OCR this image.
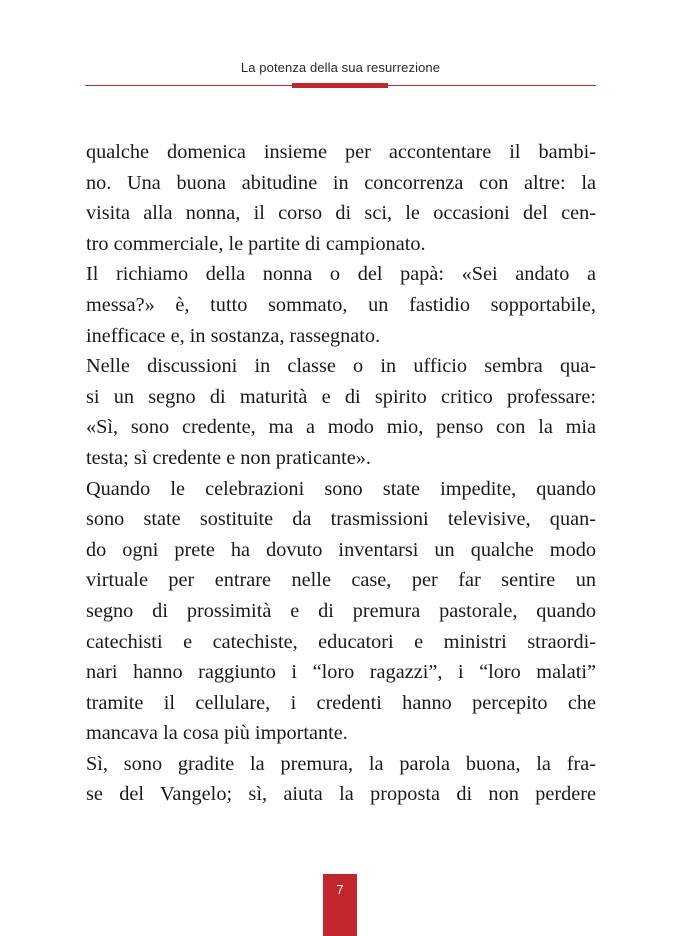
La potenza della sua resurrezione
qualche domenica insieme per accontentare il bambi-
no. Una buona abitudine in concorrenza con altre: la
visita alla nonna, il corso di sci, le occasioni del cen-
tro commerciale, le partite di campionato.
Il richiamo della nonna o del papà: «Sei andato a
messa?» è, tutto sommato, un fastidio sopportabile,
inefficace e, in sostanza, rassegnato.
Nelle discussioni in classe o in ufficio sembra qua-
si un segno di maturità e di spirito critico professare:
«Sì, sono credente, ma a modo mio, penso con la mia
testa; sì credente e non praticante».
Quando le celebrazioni sono state impedite, quando
sono state sostituite da trasmissioni televisive, quan-
do ogni prete ha dovuto inventarsi un qualche modo
virtuale per entrare nelle case, per far sentire un
segno di prossimità e di premura pastorale, quando
catechisti e catechiste, educatori e ministri straordi-
nari hanno raggiunto i “loro ragazzi”, i “loro malati”
tramite il cellulare, i credenti hanno percepito che
mancava la cosa più importante.
Sì, sono gradite la premura, la parola buona, la fra-
se del Vangelo; sì, aiuta la proposta di non perdere
7
